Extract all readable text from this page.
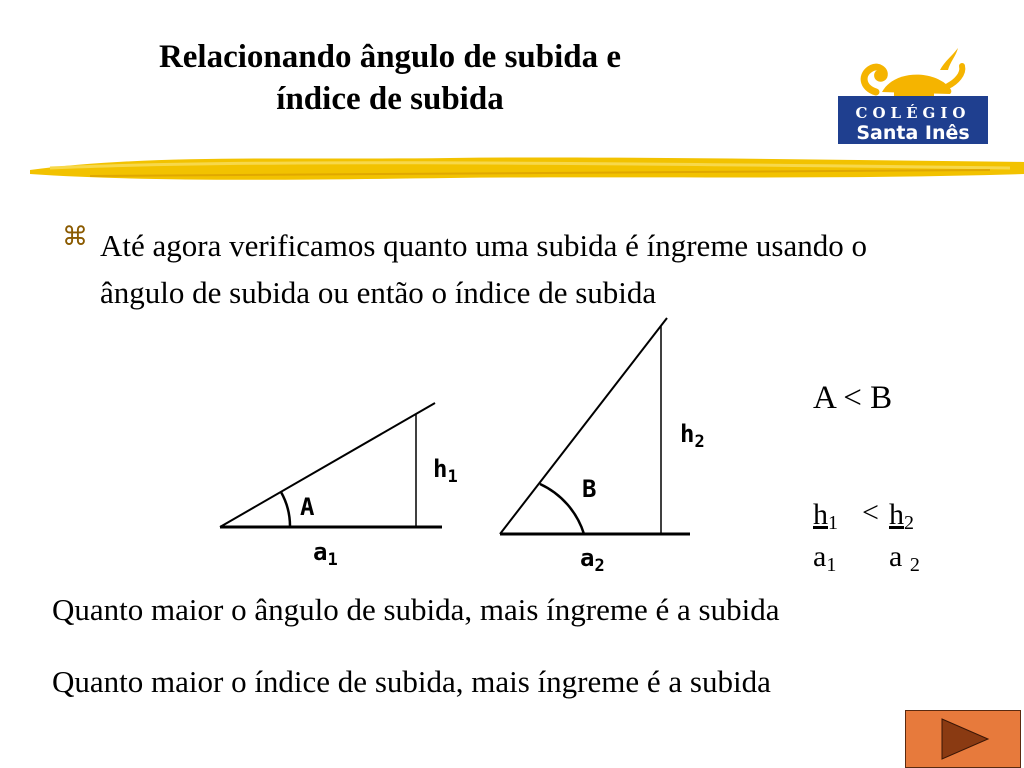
Relacionando ângulo de subida e
índice de subida	COLÉGIO
Santa Inês
⌘ Até agora verificamos quanto uma subida é íngreme usando o ângulo de subida ou então o índice de subida
A
$h_1$
$a_1$
B
$h_2$
$a_2$
A < B
$\frac{h_1}{a_1} < \frac{h_2}{a _2}$
Quanto maior o ângulo de subida, mais íngreme é a subida
Quanto maior o índice de subida, mais íngreme é a subida
